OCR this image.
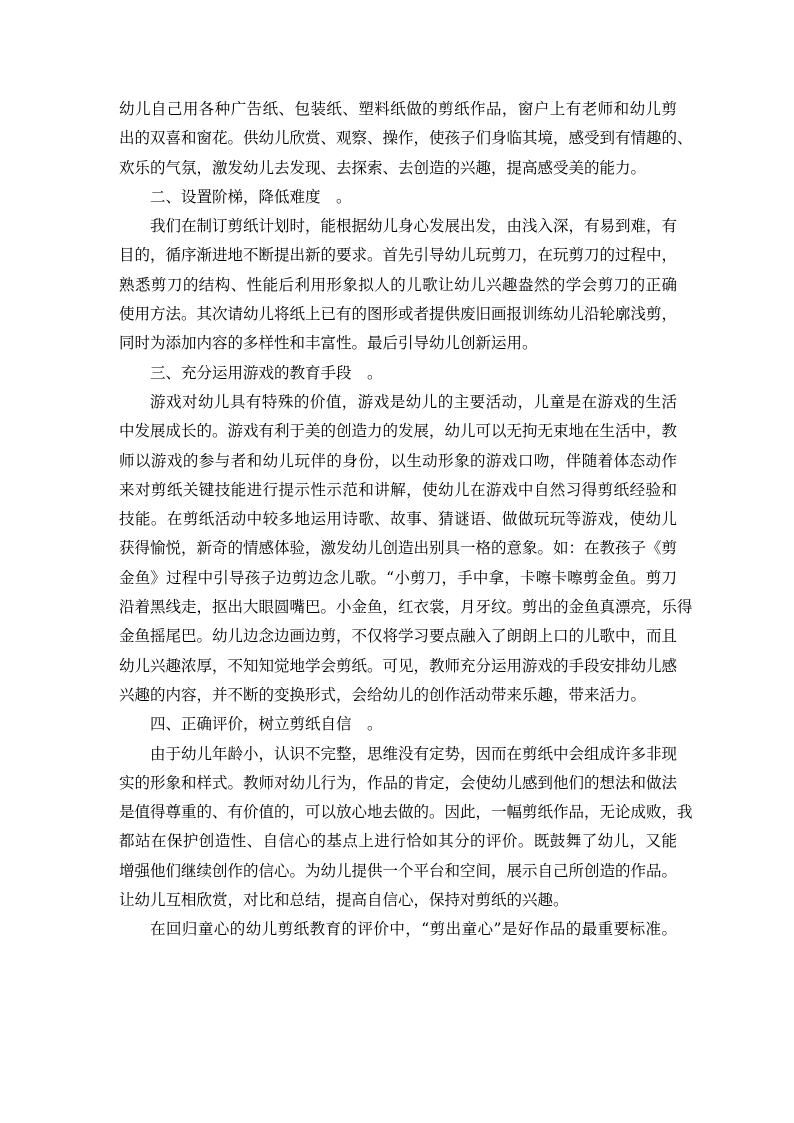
幼儿自己用各种广告纸、包装纸、塑料纸做的剪纸作品，窗户上有老师和幼儿剪
出的双喜和窗花。供幼儿欣赏、观察、操作，使孩子们身临其境，感受到有情趣的、
欢乐的气氛，激发幼儿去发现、去探索、去创造的兴趣，提高感受美的能力。
二、设置阶梯，降低难度　。
我们在制订剪纸计划时，能根据幼儿身心发展出发，由浅入深，有易到难，有
目的，循序渐进地不断提出新的要求。首先引导幼儿玩剪刀，在玩剪刀的过程中，
熟悉剪刀的结构、性能后利用形象拟人的儿歌让幼儿兴趣盎然的学会剪刀的正确
使用方法。其次请幼儿将纸上已有的图形或者提供废旧画报训练幼儿沿轮廓浅剪，
同时为添加内容的多样性和丰富性。最后引导幼儿创新运用。
三、充分运用游戏的教育手段　。
游戏对幼儿具有特殊的价值，游戏是幼儿的主要活动，儿童是在游戏的生活
中发展成长的。游戏有利于美的创造力的发展，幼儿可以无拘无束地在生活中，教
师以游戏的参与者和幼儿玩伴的身份，以生动形象的游戏口吻，伴随着体态动作
来对剪纸关键技能进行提示性示范和讲解，使幼儿在游戏中自然习得剪纸经验和
技能。在剪纸活动中较多地运用诗歌、故事、猜谜语、做做玩玩等游戏，使幼儿
获得愉悦，新奇的情感体验，激发幼儿创造出别具一格的意象。如：在教孩子《剪
金鱼》过程中引导孩子边剪边念儿歌。“小剪刀，手中拿，卡嚓卡嚓剪金鱼。剪刀
沿着黑线走，抠出大眼圆嘴巴。小金鱼，红衣裳，月牙纹。剪出的金鱼真漂亮，乐得
金鱼摇尾巴。幼儿边念边画边剪，不仅将学习要点融入了朗朗上口的儿歌中，而且
幼儿兴趣浓厚，不知知觉地学会剪纸。可见，教师充分运用游戏的手段安排幼儿感
兴趣的内容，并不断的变换形式，会给幼儿的创作活动带来乐趣，带来活力。
四、正确评价，树立剪纸自信　。
由于幼儿年龄小，认识不完整，思维没有定势，因而在剪纸中会组成许多非现
实的形象和样式。教师对幼儿行为，作品的肯定，会使幼儿感到他们的想法和做法
是值得尊重的、有价值的，可以放心地去做的。因此，一幅剪纸作品，无论成败，我
都站在保护创造性、自信心的基点上进行恰如其分的评价。既鼓舞了幼儿，又能
增强他们继续创作的信心。为幼儿提供一个平台和空间，展示自己所创造的作品。
让幼儿互相欣赏，对比和总结，提高自信心，保持对剪纸的兴趣。
在回归童心的幼儿剪纸教育的评价中，“剪出童心”是好作品的最重要标准。
